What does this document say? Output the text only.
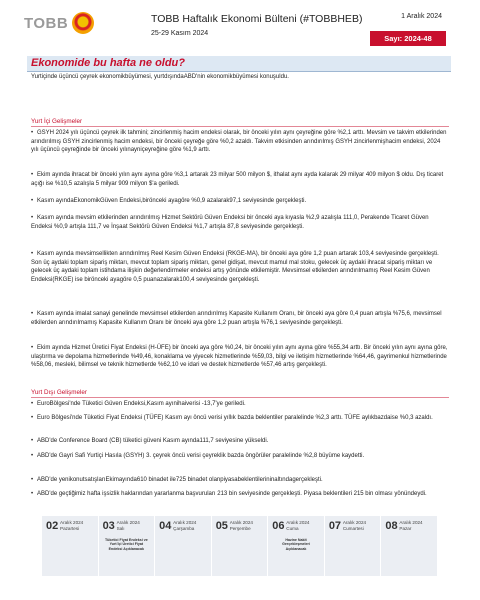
TOBB	TOBB Haftalık Ekonomi Bülteni (#TOBBHEB)
25-29 Kasım 2024
1 Aralık 2024
Sayı: 2024-48
Ekonomide bu hafta ne oldu?
Yurtiçinde üçüncü çeyrek ekonomikbüyümesi, yurtdışındaABD'nin ekonomikbüyümesi konuşuldu.
Yurt İçi Gelişmeler
• GSYH 2024 yılı üçüncü çeyrek ilk tahmini; zincirlenmiş hacim endeksi olarak, bir önceki yılın aynı çeyreğine göre %2,1 arttı. Mevsim ve takvim etkilerinden arındırılmış GSYH zincirlenmiş hacim endeksi, bir önceki çeyreğe göre %0,2 azaldı. Takvim etkisinden arındırılmış GSYH zincirlenmişhacim endeksi, 2024 yılı üçüncü çeyreğinde bir önceki yılınayniçeyreğine göre %1,9 arttı.
• Ekim ayında ihracat bir önceki yılın aynı ayına göre %3,1 artarak 23 milyar 500 milyon $, ithalat aynı ayda kalarak 29 milyar 409 milyon $ oldu. Dış ticaret açığı ise %10,5 azalışla 5 milyar 909 milyon $'a geriledi.
• Kasım ayındaEkonomikGüven Endeksi,birönceki ayagöre %0,9 azalarak97,1 seviyesinde gerçekleşti.
• Kasım ayında mevsim etkilerinden arındırılmış Hizmet Sektörü Güven Endeksi bir önceki aya kıyasla %2,9 azalışla 111,0, Perakende Ticaret Güven Endeksi %0,9 artışla 111,7 ve İnşaat Sektörü Güven Endeksi %1,7 artışla 87,8 seviyesinde gerçekleşti.
• Kasım ayında mevsimsellikten arındırılmış Reel Kesim Güven Endeksi (RKGE-MA), bir önceki aya göre 1,2 puan artarak 103,4 seviyesinde gerçekleşti. Son üç aydaki toplam sipariş miktarı, mevcut toplam sipariş miktarı, genel gidişat, mevcut mamul mal stoku, gelecek üç aydaki ihracat sipariş miktarı ve gelecek üç aydaki toplam istihdama ilişkin değerlendirmeler endeksi artış yönünde etkilemiştir. Mevsimsel etkilerden arındırılmamış Reel Kesim Güven Endeksi(RKGE) ise birönceki ayagöre 0,5 puanazalarak100,4 seviyesinde gerçekleşti.
• Kasım ayında imalat sanayi genelinde mevsimsel etkilerden arındırılmış Kapasite Kullanım Oranı, bir önceki aya göre 0,4 puan artışla %75,6, mevsimsel etkilerden arındırılmamış Kapasite Kullanım Oranı bir önceki aya göre 1,2 puan artışla %76,1 seviyesinde gerçekleşti.
• Ekim ayında Hizmet Üretici Fiyat Endeksi (H-ÜFE) bir önceki aya göre %0,24, bir önceki yılın aynı ayına göre %55,34 arttı. Bir önceki yılın aynı ayına göre, ulaştırma ve depolama hizmetlerinde %49,46, konaklama ve yiyecek hizmetlerinde %59,03, bilgi ve iletişim hizmetlerinde %64,46, gayrimenkul hizmetlerinde %58,06, mesleki, bilimsel ve teknik hizmetlerde %62,10 ve idari ve destek hizmetlerde %57,46 artış gerçekleşti.
Yurt Dışı Gelişmeler
• EuroBölgesi'nde Tüketici Güven Endeksi,Kasım ayınihaiverisi -13,7'ye geriledi.
• Euro Bölgesi'nde Tüketici Fiyat Endeksi (TÜFE) Kasım ayı öncü verisi yıllık bazda beklentiler paralelinde %2,3 arttı. TÜFE aylıkbazdaise %0,3 azaldı.
• ABD'de Conference Board (CB) tüketici güveni Kasım ayında111,7 seviyesine yükseldi.
• ABD'de Gayri Safi Yurtiçi Hasıla (GSYH) 3. çeyrek öncü verisi çeyreklik bazda öngörüler paralelinde %2,8 büyüme kaydetti.
• ABD'de yenikonutsatışlarıEkimayında610 binadet ile725 binadet olanpiyasabeklentilerininaltındagerçekleşti.
• ABD'de geçtiğimiz hafta işsizlik haklarından yararlanma başvuruları 213 bin seviyesinde gerçekleşti. Piyasa beklentileri 215 bin olması yönündeydi.
02 Aralık 2024
Pazartesi	03 Aralık 2024
Salı
Tüketici Fiyat Endeksi ve Yurt İçi Üretici Fiyat Endeksi Açıklanacak
04 Aralık 2024
Çarşamba 05 Aralık 2024
Perşembe 06 Aralık 2024
Cuma
Hazine Nakit Gerçekleşmeleri Açıklanacak
07 Aralık 2024
Cumartesi 08 Aralık 2024
Pazar
